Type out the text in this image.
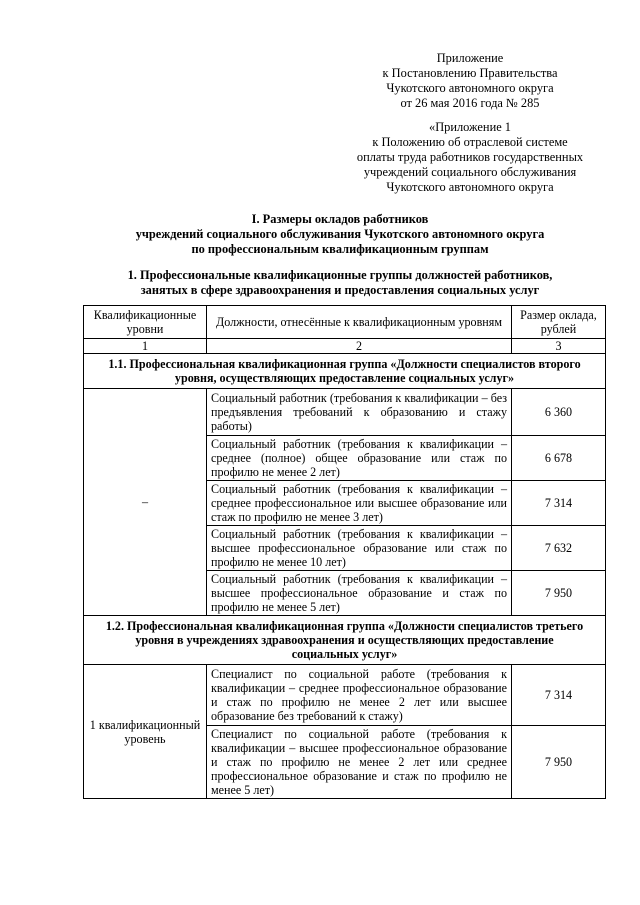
Приложение
к Постановлению Правительства
Чукотского автономного округа
от 26 мая 2016 года № 285
«Приложение 1
к Положению об отраслевой системе
оплаты труда работников государственных
учреждений социального обслуживания
Чукотского автономного округа
I. Размеры окладов работников
учреждений социального обслуживания Чукотского автономного округа
по профессиональным квалификационным группам
1. Профессиональные квалификационные группы должностей работников,
занятых в сфере здравоохранения и предоставления социальных услуг
Квалификационные уровни	Должности, отнесённые к квалификационным уровням	Размер оклада, рублей
1	2	3

1.1. Профессиональная квалификационная группа «Должности специалистов второго
уровня, осуществляющих предоставление социальных услуг»		

–	Социальный работник (требования к квалификации – без предъявления требований к образованию и стажу работы)	6 360
	Социальный работник (требования к квалификации – среднее (полное) общее образование или стаж по профилю не менее 2 лет)	6 678
	Социальный работник (требования к квалификации – среднее профессиональное или высшее образование или стаж по профилю не менее 3 лет)	7 314
	Социальный работник (требования к квалификации – высшее профессиональное образование или стаж по профилю не менее 10 лет)	7 632
	Социальный работник (требования к квалификации – высшее профессиональное образование и стаж по профилю не менее 5 лет)	7 950

1.2. Профессиональная квалификационная группа «Должности специалистов третьего
уровня в учреждениях здравоохранения и осуществляющих предоставление
социальных услуг»		

1 квалификационный уровень	Специалист по социальной работе (требования к квалификации – среднее профессиональное образование и стаж по профилю не менее 2 лет или высшее образование без требований к стажу)	7 314
	Специалист по социальной работе (требования к квалификации – высшее профессиональное образование и стаж по профилю не менее 2 лет или среднее профессиональное образование и стаж по профилю не менее 5 лет)	7 950
